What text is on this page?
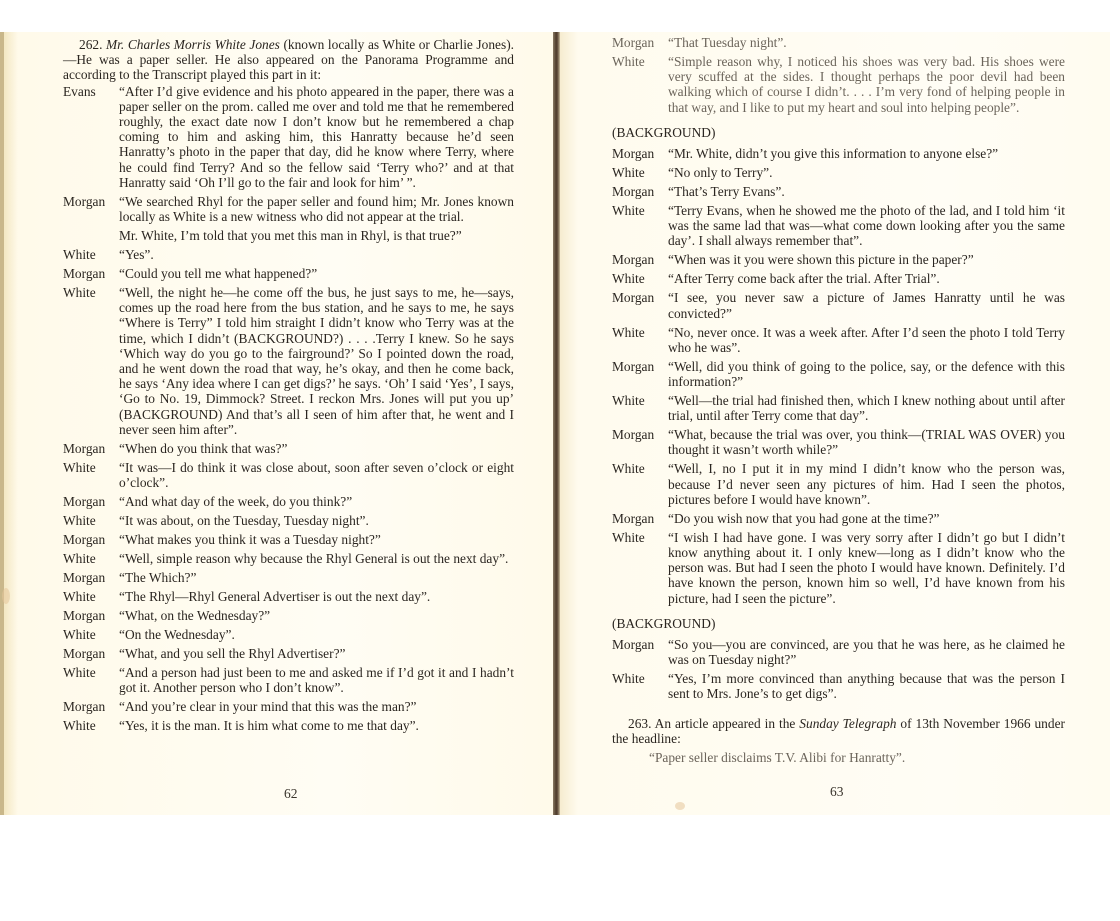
262. Mr. Charles Morris White Jones (known locally as White or Charlie Jones).—He was a paper seller. He also appeared on the Panorama Programme and according to the Transcript played this part in it:

Evans	“After I’d give evidence and his photo appeared in the paper, there was a paper seller on the prom. called me over and told me that he remembered roughly, the exact date now I don’t know but he remembered a chap coming to him and asking him, this Hanratty because he’d seen Hanratty’s photo in the paper that day, did he know where Terry, where he could find Terry? And so the fellow said ‘Terry who?’ and at that Hanratty said ‘Oh I’ll go to the fair and look for him’ ”.
Morgan	“We searched Rhyl for the paper seller and found him; Mr. Jones known locally as White is a new witness who did not appear at the trial.
Mr. White, I’m told that you met this man in Rhyl, is that true?”
White	“Yes”.
Morgan	“Could you tell me what happened?”
White	“Well, the night he—he come off the bus, he just says to me, he—says, comes up the road here from the bus station, and he says to me, he says “Where is Terry” I told him straight I didn’t know who Terry was at the time, which I didn’t (BACKGROUND?) . . . .Terry I knew. So he says ‘Which way do you go to the fairground?’ So I pointed down the road, and he went down the road that way, he’s okay, and then he come back, he says ‘Any idea where I can get digs?’ he says. ‘Oh’ I said ‘Yes’, I says, ‘Go to No. 19, Dimmock? Street. I reckon Mrs. Jones will put you up’ (BACKGROUND) And that’s all I seen of him after that, he went and I never seen him after”.
Morgan	“When do you think that was?”
White	“It was—I do think it was close about, soon after seven o’clock or eight o’clock”.
Morgan	“And what day of the week, do you think?”
White	“It was about, on the Tuesday, Tuesday night”.
Morgan	“What makes you think it was a Tuesday night?”
White	“Well, simple reason why because the Rhyl General is out the next day”.
Morgan	“The Which?”
White	“The Rhyl—Rhyl General Advertiser is out the next day”.
Morgan	“What, on the Wednesday?”
White	“On the Wednesday”.
Morgan	“What, and you sell the Rhyl Advertiser?”
White	“And a person had just been to me and asked me if I’d got it and I hadn’t got it. Another person who I don’t know”.
Morgan	“And you’re clear in your mind that this was the man?”
White	“Yes, it is the man. It is him what come to me that day”.
62
Morgan	“That Tuesday night”.
White	“Simple reason why, I noticed his shoes was very bad. His shoes were very scuffed at the sides. I thought perhaps the poor devil had been walking which of course I didn’t. . . . I’m very fond of helping people in that way, and I like to put my heart and soul into helping people”.
(BACKGROUND)
Morgan	“Mr. White, didn’t you give this information to anyone else?”
White	“No only to Terry”.
Morgan	“That’s Terry Evans”.
White	“Terry Evans, when he showed me the photo of the lad, and I told him ‘it was the same lad that was—what come down looking after you the same day’. I shall always remember that”.
Morgan	“When was it you were shown this picture in the paper?”
White	“After Terry come back after the trial. After Trial”.
Morgan	“I see, you never saw a picture of James Hanratty until he was convicted?”
White	“No, never once. It was a week after. After I’d seen the photo I told Terry who he was”.
Morgan	“Well, did you think of going to the police, say, or the defence with this information?”
White	“Well—the trial had finished then, which I knew nothing about until after trial, until after Terry come that day”.
Morgan	“What, because the trial was over, you think—(TRIAL WAS OVER) you thought it wasn’t worth while?”
White	“Well, I, no I put it in my mind I didn’t know who the person was, because I’d never seen any pictures of him. Had I seen the photos, pictures before I would have known”.
Morgan	“Do you wish now that you had gone at the time?”
White	“I wish I had have gone. I was very sorry after I didn’t go but I didn’t know anything about it. I only knew—long as I didn’t know who the person was. But had I seen the photo I would have known. Definitely. I’d have known the person, known him so well, I’d have known from his picture, had I seen the picture”.
(BACKGROUND)
Morgan	“So you—you are convinced, are you that he was here, as he claimed he was on Tuesday night?”
White	“Yes, I’m more convinced than anything because that was the person I sent to Mrs. Jone’s to get digs”.

263. An article appeared in the Sunday Telegraph of 13th November 1966 under the headline:

“Paper seller disclaims T.V. Alibi for Hanratty”.
63
